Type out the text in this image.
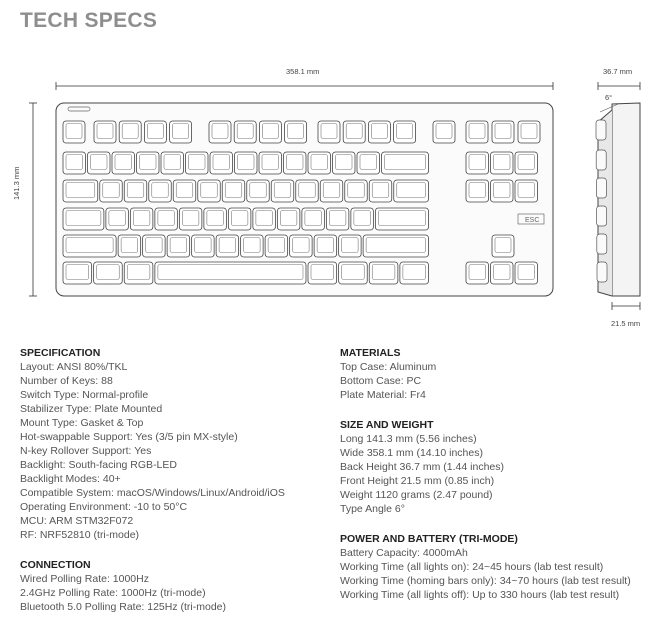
TECH SPECS
ESC
358.1 mm
141.3 mm
36.7 mm
6°
21.5 mm
SPECIFICATION
Layout: ANSI 80%/TKL
Number of Keys: 88
Switch Type: Normal-profile
Stabilizer Type: Plate Mounted
Mount Type: Gasket & Top
Hot-swappable Support: Yes (3/5 pin MX-style)
N-key Rollover Support: Yes
Backlight: South-facing RGB-LED
Backlight Modes: 40+
Compatible System: macOS/Windows/Linux/Android/iOS
Operating Environment: -10 to 50°C
MCU: ARM STM32F072
RF: NRF52810 (tri-mode)
CONNECTION
Wired Polling Rate: 1000Hz
2.4GHz Polling Rate: 1000Hz (tri-mode)
Bluetooth 5.0 Polling Rate: 125Hz (tri-mode)
MATERIALS
Top Case: Aluminum
Bottom Case: PC
Plate Material: Fr4
SIZE AND WEIGHT
Long 141.3 mm (5.56 inches)
Wide 358.1 mm (14.10 inches)
Back Height 36.7 mm (1.44 inches)
Front Height 21.5 mm (0.85 inch)
Weight 1120 grams (2.47 pound)
Type Angle 6°
POWER AND BATTERY (TRI-MODE)
Battery Capacity: 4000mAh
Working Time (all lights on): 24~45 hours (lab test result)
Working Time (homing bars only): 34~70 hours (lab test result)
Working Time (all lights off): Up to 330 hours (lab test result)
